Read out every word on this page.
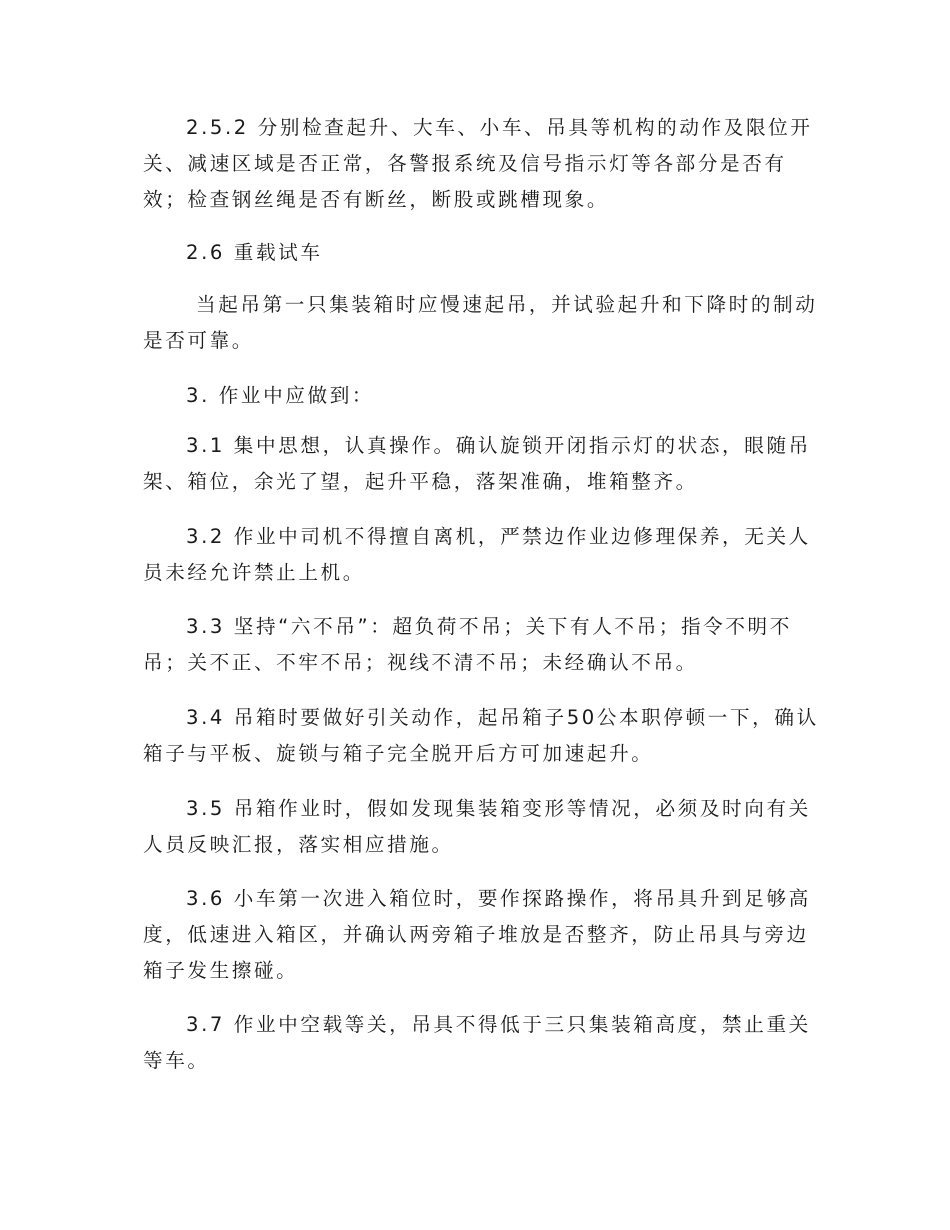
2.5.2 分别检查起升、大车、小车、吊具等机构的动作及限位开
关、减速区域是否正常，各警报系统及信号指示灯等各部分是否有
效；检查钢丝绳是否有断丝，断股或跳槽现象。

2.6 重载试车

当起吊第一只集装箱时应慢速起吊，并试验起升和下降时的制动
是否可靠。

3. 作业中应做到：

3.1 集中思想，认真操作。确认旋锁开闭指示灯的状态，眼随吊
架、箱位，余光了望，起升平稳，落架准确，堆箱整齐。

3.2 作业中司机不得擅自离机，严禁边作业边修理保养，无关人
员未经允许禁止上机。

3.3 坚持“六不吊”：超负荷不吊；关下有人不吊；指令不明不
吊；关不正、不牢不吊；视线不清不吊；未经确认不吊。

3.4 吊箱时要做好引关动作，起吊箱子50公本职停顿一下，确认
箱子与平板、旋锁与箱子完全脱开后方可加速起升。

3.5 吊箱作业时，假如发现集装箱变形等情况，必须及时向有关
人员反映汇报，落实相应措施。

3.6 小车第一次进入箱位时，要作探路操作，将吊具升到足够高
度，低速进入箱区，并确认两旁箱子堆放是否整齐，防止吊具与旁边
箱子发生擦碰。

3.7 作业中空载等关，吊具不得低于三只集装箱高度，禁止重关
等车。
